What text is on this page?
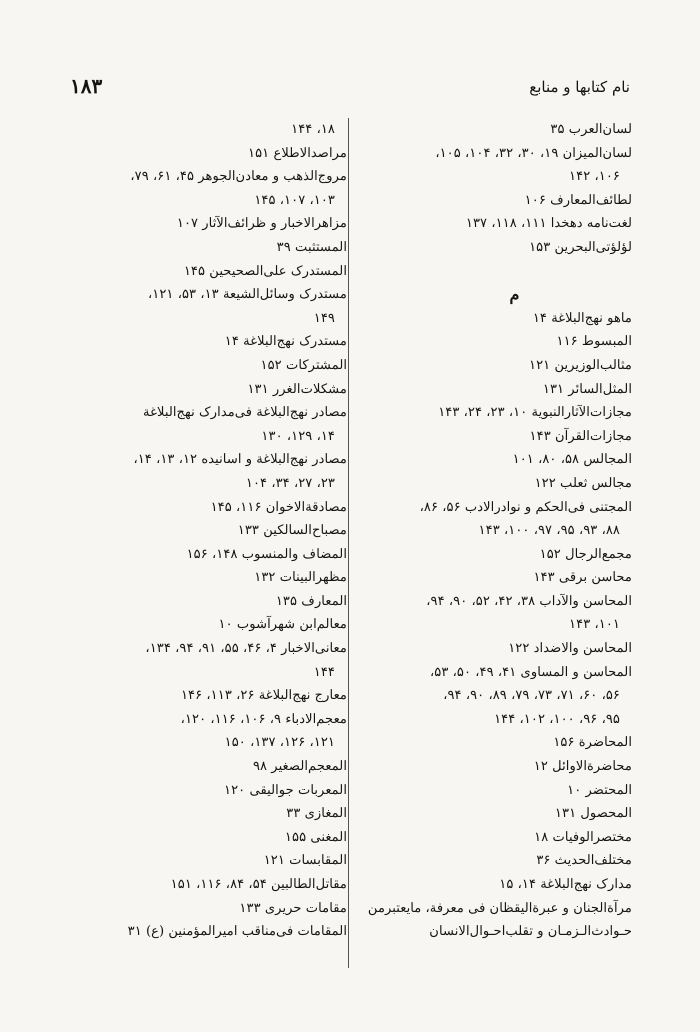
نام کتابها و منابع
۱۸۳
لسان‌العرب ۳۵
لسان‌المیزان ۱۹، ۳۰، ۳۲، ۱۰۴، ۱۰۵،
۱۰۶، ۱۴۲
لطائف‌المعارف ۱۰۶
لغت‌نامه دهخدا ۱۱۱، ۱۱۸، ۱۳۷
لؤلؤتی‌البحرین ۱۵۳
م
ماهو نهج‌البلاغة ۱۴
المبسوط ۱۱۶
مثالب‌الوزیرین ۱۲۱
المثل‌السائر ۱۳۱
مجازات‌الآثارالنبویة ۱۰، ۲۳، ۲۴، ۱۴۳
مجازات‌القرآن ۱۴۳
المجالس ۵۸، ۸۰، ۱۰۱
مجالس ثعلب ۱۲۲
المجتنی فی‌الحکم و نوادرالادب ۵۶، ۸۶،
۸۸، ۹۳، ۹۵، ۹۷، ۱۰۰، ۱۴۳
مجمع‌الرجال ۱۵۲
محاسن برقی ۱۴۳
المحاسن والآداب ۳۸، ۴۲، ۵۲، ۹۰، ۹۴،
۱۰۱، ۱۴۳
المحاسن والاضداد ۱۲۲
المحاسن و المساوی ۴۱، ۴۹، ۵۰، ۵۳،
۵۶، ۶۰، ۷۱، ۷۳، ۷۹، ۸۹، ۹۰، ۹۴،
۹۵، ۹۶، ۱۰۰، ۱۰۲، ۱۴۴
المحاضرة ۱۵۶
محاضرةالاوائل ۱۲
المحتضر ۱۰
المحصول ۱۳۱
مختصرالوفیات ۱۸
مختلف‌الحدیث ۳۶
مدارک نهج‌البلاغة ۱۴، ۱۵
مرآةالجنان و عبرةالیقظان فی معرفة، مایعتبرمن
حـوادث‌الـزمـان و تقلب‌احـوال‌الانسان
۱۸، ۱۴۴
مراصدالاطلاع ۱۵۱
مروج‌الذهب و معادن‌الجوهر ۴۵، ۶۱، ۷۹،
۱۰۳، ۱۰۷، ۱۴۵
مزاهرالاخبار و ظرائف‌الآثار ۱۰۷
المستثبت ۳۹
المستدرک علی‌الصحیحین ۱۴۵
مستدرک وسائل‌الشیعة ۱۳، ۵۳، ۱۲۱،
۱۴۹
مستدرک نهج‌البلاغة ۱۴
المشترکات ۱۵۲
مشکلات‌الغرر ۱۳۱
مصادر نهج‌البلاغة فی‌مدارک نهج‌البلاغة
۱۴، ۱۲۹، ۱۳۰
مصادر نهج‌البلاغة و اسانیده ۱۲، ۱۳، ۱۴،
۲۳، ۲۷، ۳۴، ۱۰۴
مصادقةالاخوان ۱۱۶، ۱۴۵
مصباح‌السالکین ۱۳۳
المضاف والمنسوب ۱۴۸، ۱۵۶
مظهرالبینات ۱۳۲
المعارف ۱۳۵
معالم‌ابن شهرآشوب ۱۰
معانی‌الاخبار ۴، ۴۶، ۵۵، ۹۱، ۹۴، ۱۳۴،
۱۴۴
معارج نهج‌البلاغة ۲۶، ۱۱۳، ۱۴۶
معجم‌الادباء ۹، ۱۰۶، ۱۱۶، ۱۲۰،
۱۲۱، ۱۲۶، ۱۳۷، ۱۵۰
المعجم‌الصغیر ۹۸
المعربات جوالیقی ۱۲۰
المغازی ۳۳
المغنی ۱۵۵
المقابسات ۱۲۱
مقاتل‌الطالبین ۵۴، ۸۴، ۱۱۶، ۱۵۱
مقامات حریری ۱۳۳
المقامات فی‌مناقب امیرالمؤمنین (ع) ۳۱
